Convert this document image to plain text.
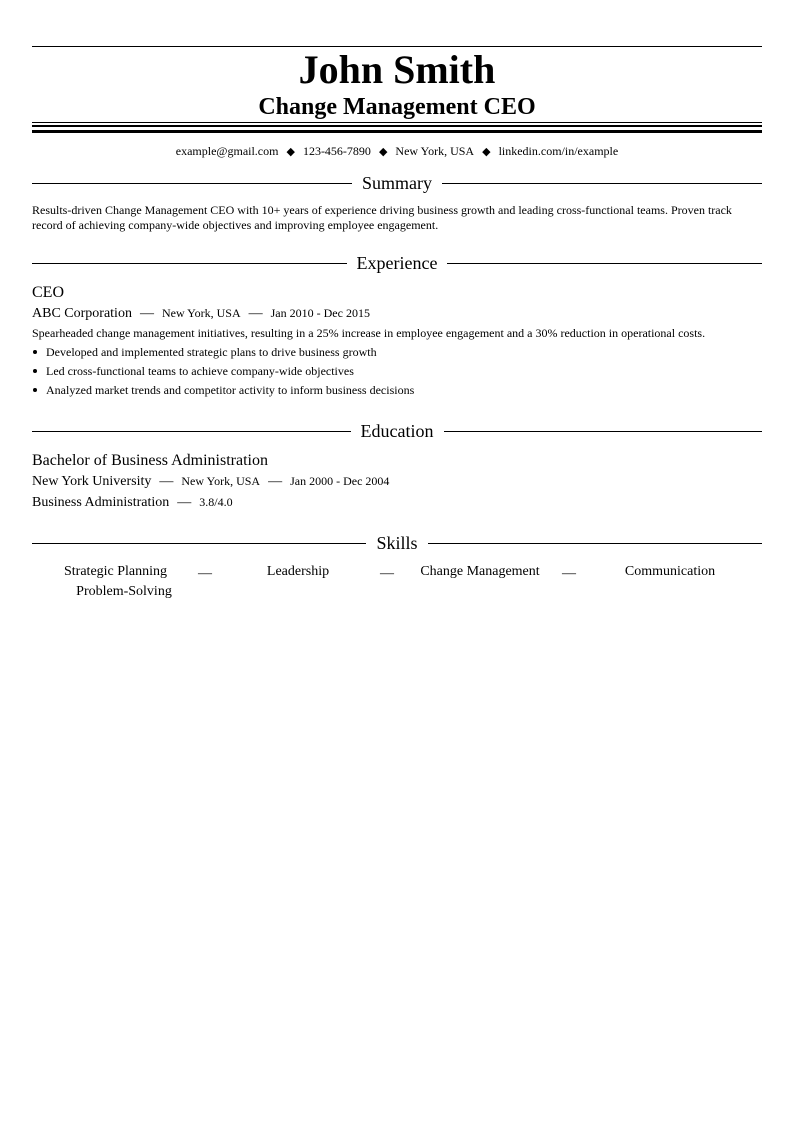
John Smith
Change Management CEO
example@gmail.com ◆ 123-456-7890 ◆ New York, USA ◆ linkedin.com/in/example
Summary
Results-driven Change Management CEO with 10+ years of experience driving business growth and leading cross-functional teams. Proven track record of achieving company-wide objectives and improving employee engagement.
Experience
CEO
ABC Corporation — New York, USA — Jan 2010 - Dec 2015
Spearheaded change management initiatives, resulting in a 25% increase in employee engagement and a 30% reduction in operational costs.
Developed and implemented strategic plans to drive business growth
Led cross-functional teams to achieve company-wide objectives
Analyzed market trends and competitor activity to inform business decisions
Education
Bachelor of Business Administration
New York University — New York, USA — Jan 2000 - Dec 2004
Business Administration — 3.8/4.0
Skills
Strategic Planning —	Leadership	— Change Management —	Communication
Problem-Solving
